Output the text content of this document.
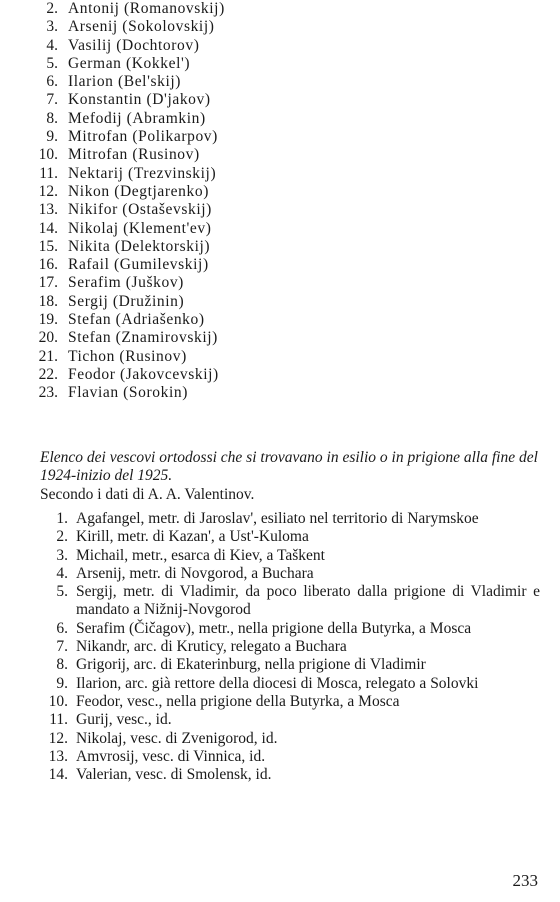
2. Antonij (Romanovskij)
3. Arsenij (Sokolovskij)
4. Vasilij (Dochtorov)
5. German (Kokkel')
6. Ilarion (Bel'skij)
7. Konstantin (D'jakov)
8. Mefodij (Abramkin)
9. Mitrofan (Polikarpov)
10. Mitrofan (Rusinov)
11. Nektarij (Trezvinskij)
12. Nikon (Degtjarenko)
13. Nikifor (Ostaševskij)
14. Nikolaj (Klement'ev)
15. Nikita (Delektorskij)
16. Rafail (Gumilevskij)
17. Serafim (Juškov)
18. Sergij (Družinin)
19. Stefan (Adriašenko)
20. Stefan (Znamirovskij)
21. Tichon (Rusinov)
22. Feodor (Jakovcevskij)
23. Flavian (Sorokin)
Elenco dei vescovi ortodossi che si trovavano in esilio o in prigione alla fine del 1924-inizio del 1925.
Secondo i dati di A. A. Valentinov.
1. Agafangel, metr. di Jaroslav', esiliato nel territorio di Narymskoe
2. Kirill, metr. di Kazan', a Ust'-Kuloma
3. Michail, metr., esarca di Kiev, a Taškent
4. Arsenij, metr. di Novgorod, a Buchara
5. Sergij, metr. di Vladimir, da poco liberato dalla prigione di Vladimir e mandato a Nižnij-Novgorod
6. Serafim (Čičagov), metr., nella prigione della Butyrka, a Mosca
7. Nikandr, arc. di Kruticy, relegato a Buchara
8. Grigorij, arc. di Ekaterinburg, nella prigione di Vladimir
9. Ilarion, arc. già rettore della diocesi di Mosca, relegato a Solovki
10. Feodor, vesc., nella prigione della Butyrka, a Mosca
11. Gurij, vesc., id.
12. Nikolaj, vesc. di Zvenigorod, id.
13. Amvrosij, vesc. di Vinnica, id.
14. Valerian, vesc. di Smolensk, id.
233
